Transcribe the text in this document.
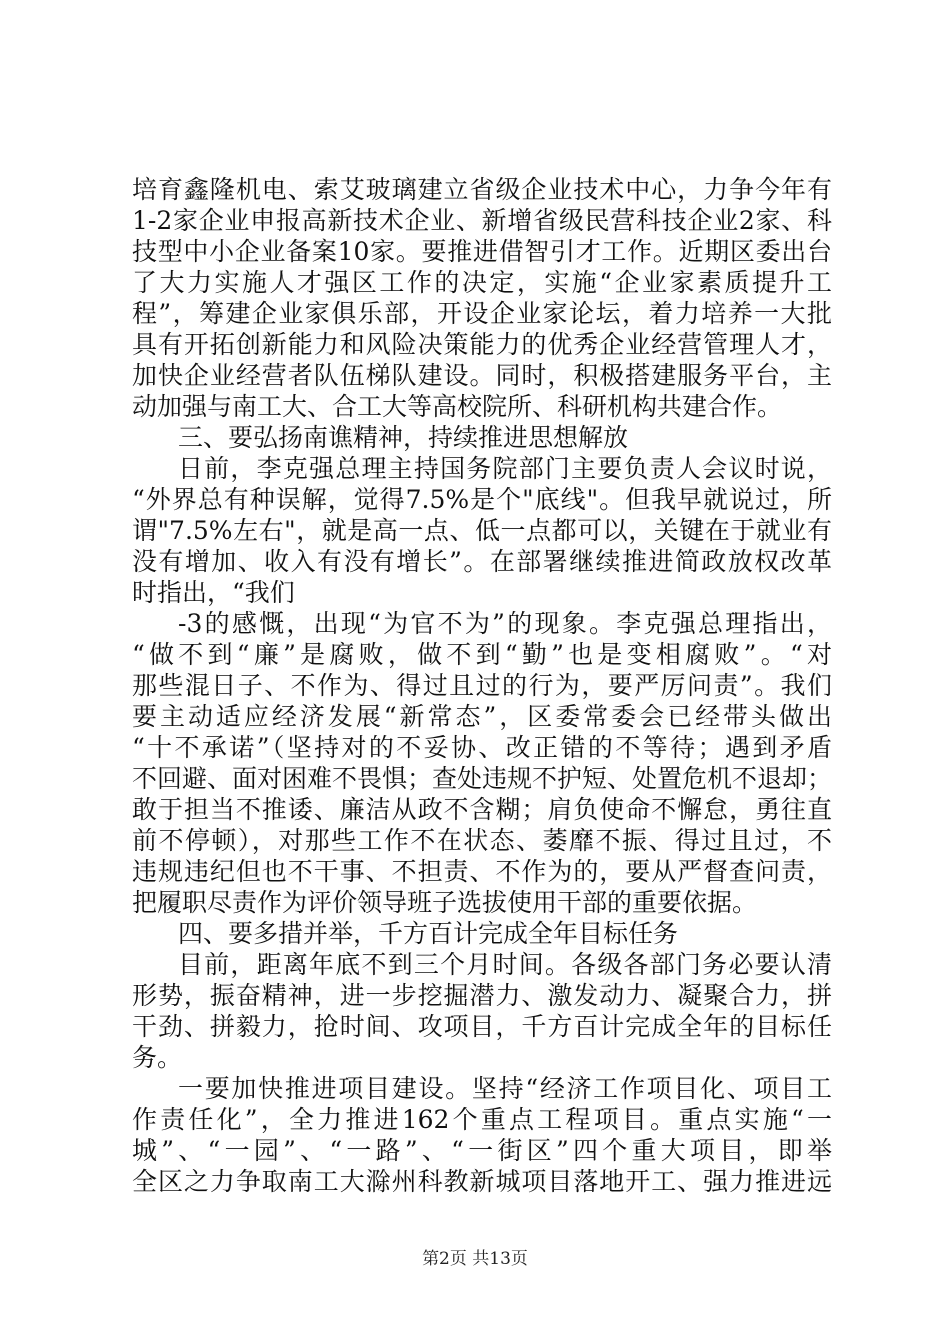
培育鑫隆机电、索艾玻璃建立省级企业技术中心，力争今年有
1-2家企业申报高新技术企业、新增省级民营科技企业2家、科
技型中小企业备案10家。要推进借智引才工作。近期区委出台
了大力实施人才强区工作的决定，实施“企业家素质提升工
程”，筹建企业家俱乐部，开设企业家论坛，着力培养一大批
具有开拓创新能力和风险决策能力的优秀企业经营管理人才，
加快企业经营者队伍梯队建设。同时，积极搭建服务平台，主
动加强与南工大、合工大等高校院所、科研机构共建合作。
三、要弘扬南谯精神，持续推进思想解放
日前，李克强总理主持国务院部门主要负责人会议时说，
“外界总有种误解，觉得7.5%是个"底线"。但我早就说过，所
谓"7.5%左右"，就是高一点、低一点都可以，关键在于就业有
没有增加、收入有没有增长”。在部署继续推进简政放权改革
时指出，“我们
-3的感慨，出现“为官不为”的现象。李克强总理指出，
“做不到“廉”是腐败，做不到“勤”也是变相腐败”。“对
那些混日子、不作为、得过且过的行为，要严厉问责”。我们
要主动适应经济发展“新常态”，区委常委会已经带头做出
“十不承诺”（坚持对的不妥协、改正错的不等待；遇到矛盾
不回避、面对困难不畏惧；查处违规不护短、处置危机不退却；
敢于担当不推诿、廉洁从政不含糊；肩负使命不懈怠，勇往直
前不停顿），对那些工作不在状态、萎靡不振、得过且过，不
违规违纪但也不干事、不担责、不作为的，要从严督查问责，
把履职尽责作为评价领导班子选拔使用干部的重要依据。
四、要多措并举，千方百计完成全年目标任务
目前，距离年底不到三个月时间。各级各部门务必要认清
形势，振奋精神，进一步挖掘潜力、激发动力、凝聚合力，拼
干劲、拼毅力，抢时间、攻项目，千方百计完成全年的目标任
务。
一要加快推进项目建设。坚持“经济工作项目化、项目工
作责任化”，全力推进162个重点工程项目。重点实施“一
城”、“一园”、“一路”、“一街区”四个重大项目，即举
全区之力争取南工大滁州科教新城项目落地开工、强力推进远
第2页 共13页
